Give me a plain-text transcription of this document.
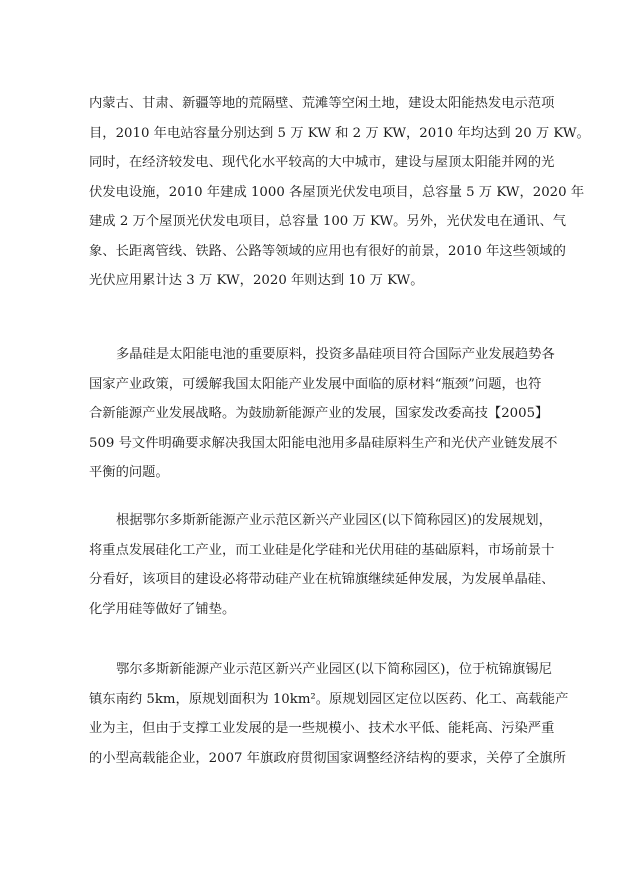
内蒙古、甘肃、新疆等地的荒隔壁、荒滩等空闲土地，建设太阳能热发电示范项
目，2010 年电站容量分别达到 5 万 KW 和 2 万 KW，2010 年均达到 20 万 KW。
同时，在经济较发电、现代化水平较高的大中城市，建设与屋顶太阳能并网的光
伏发电设施，2010 年建成 1000 各屋顶光伏发电项目，总容量 5 万 KW，2020 年
建成 2 万个屋顶光伏发电项目，总容量 100 万 KW。另外，光伏发电在通讯、气
象、长距离管线、铁路、公路等领域的应用也有很好的前景，2010 年这些领域的
光伏应用累计达 3 万 KW，2020 年则达到 10 万 KW。
多晶硅是太阳能电池的重要原料，投资多晶硅项目符合国际产业发展趋势各
国家产业政策，可缓解我国太阳能产业发展中面临的原材料“瓶颈”问题，也符
合新能源产业发展战略。为鼓励新能源产业的发展，国家发改委高技【2005】
509 号文件明确要求解决我国太阳能电池用多晶硅原料生产和光伏产业链发展不
平衡的问题。
根据鄂尔多斯新能源产业示范区新兴产业园区(以下简称园区)的发展规划，
将重点发展硅化工产业，而工业硅是化学硅和光伏用硅的基础原料，市场前景十
分看好，该项目的建设必将带动硅产业在杭锦旗继续延伸发展，为发展单晶硅、
化学用硅等做好了铺垫。
鄂尔多斯新能源产业示范区新兴产业园区(以下简称园区)，位于杭锦旗锡尼
镇东南约 5km，原规划面积为 10km²。原规划园区定位以医药、化工、高载能产
业为主，但由于支撑工业发展的是一些规模小、技术水平低、能耗高、污染严重
的小型高载能企业，2007 年旗政府贯彻国家调整经济结构的要求，关停了全旗所
